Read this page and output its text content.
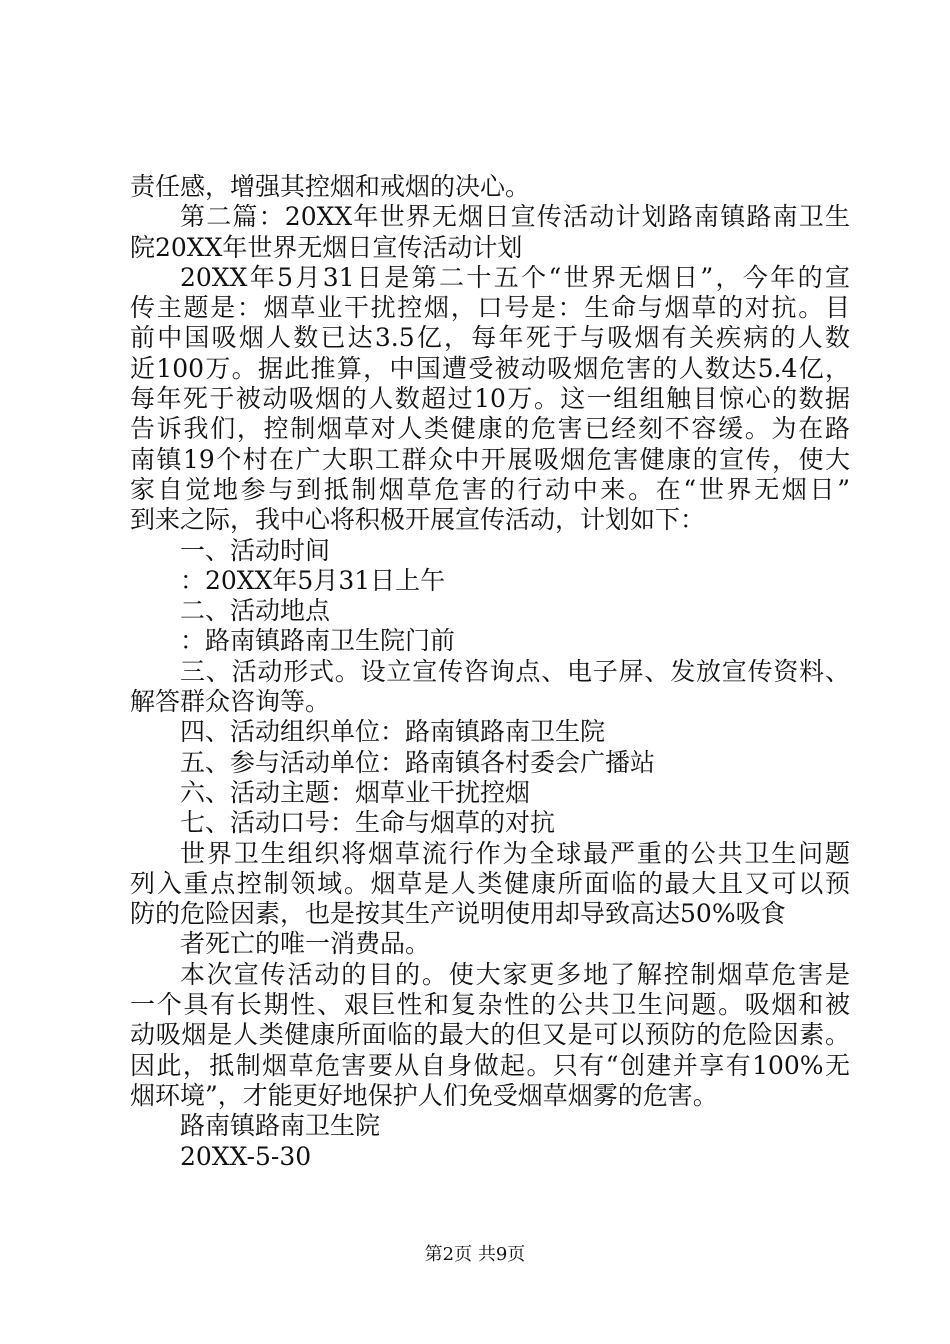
责任感，增强其控烟和戒烟的决心。
第二篇：20XX年世界无烟日宣传活动计划路南镇路南卫生
院20XX年世界无烟日宣传活动计划
20XX年5月31日是第二十五个“世界无烟日”，今年的宣
传主题是：烟草业干扰控烟，口号是：生命与烟草的对抗。目
前中国吸烟人数已达3.5亿，每年死于与吸烟有关疾病的人数
近100万。据此推算，中国遭受被动吸烟危害的人数达5.4亿，
每年死于被动吸烟的人数超过10万。这一组组触目惊心的数据
告诉我们，控制烟草对人类健康的危害已经刻不容缓。为在路
南镇19个村在广大职工群众中开展吸烟危害健康的宣传，使大
家自觉地参与到抵制烟草危害的行动中来。在“世界无烟日”
到来之际，我中心将积极开展宣传活动，计划如下：
一、活动时间
：20XX年5月31日上午
二、活动地点
：路南镇路南卫生院门前
三、活动形式。设立宣传咨询点、电子屏、发放宣传资料、
解答群众咨询等。
四、活动组织单位：路南镇路南卫生院
五、参与活动单位：路南镇各村委会广播站
六、活动主题：烟草业干扰控烟
七、活动口号：生命与烟草的对抗
世界卫生组织将烟草流行作为全球最严重的公共卫生问题
列入重点控制领域。烟草是人类健康所面临的最大且又可以预
防的危险因素，也是按其生产说明使用却导致高达50%吸食
者死亡的唯一消费品。
本次宣传活动的目的。使大家更多地了解控制烟草危害是
一个具有长期性、艰巨性和复杂性的公共卫生问题。吸烟和被
动吸烟是人类健康所面临的最大的但又是可以预防的危险因素。
因此，抵制烟草危害要从自身做起。只有“创建并享有100%无
烟环境”，才能更好地保护人们免受烟草烟雾的危害。
路南镇路南卫生院
20XX-5-30
第2页 共9页
